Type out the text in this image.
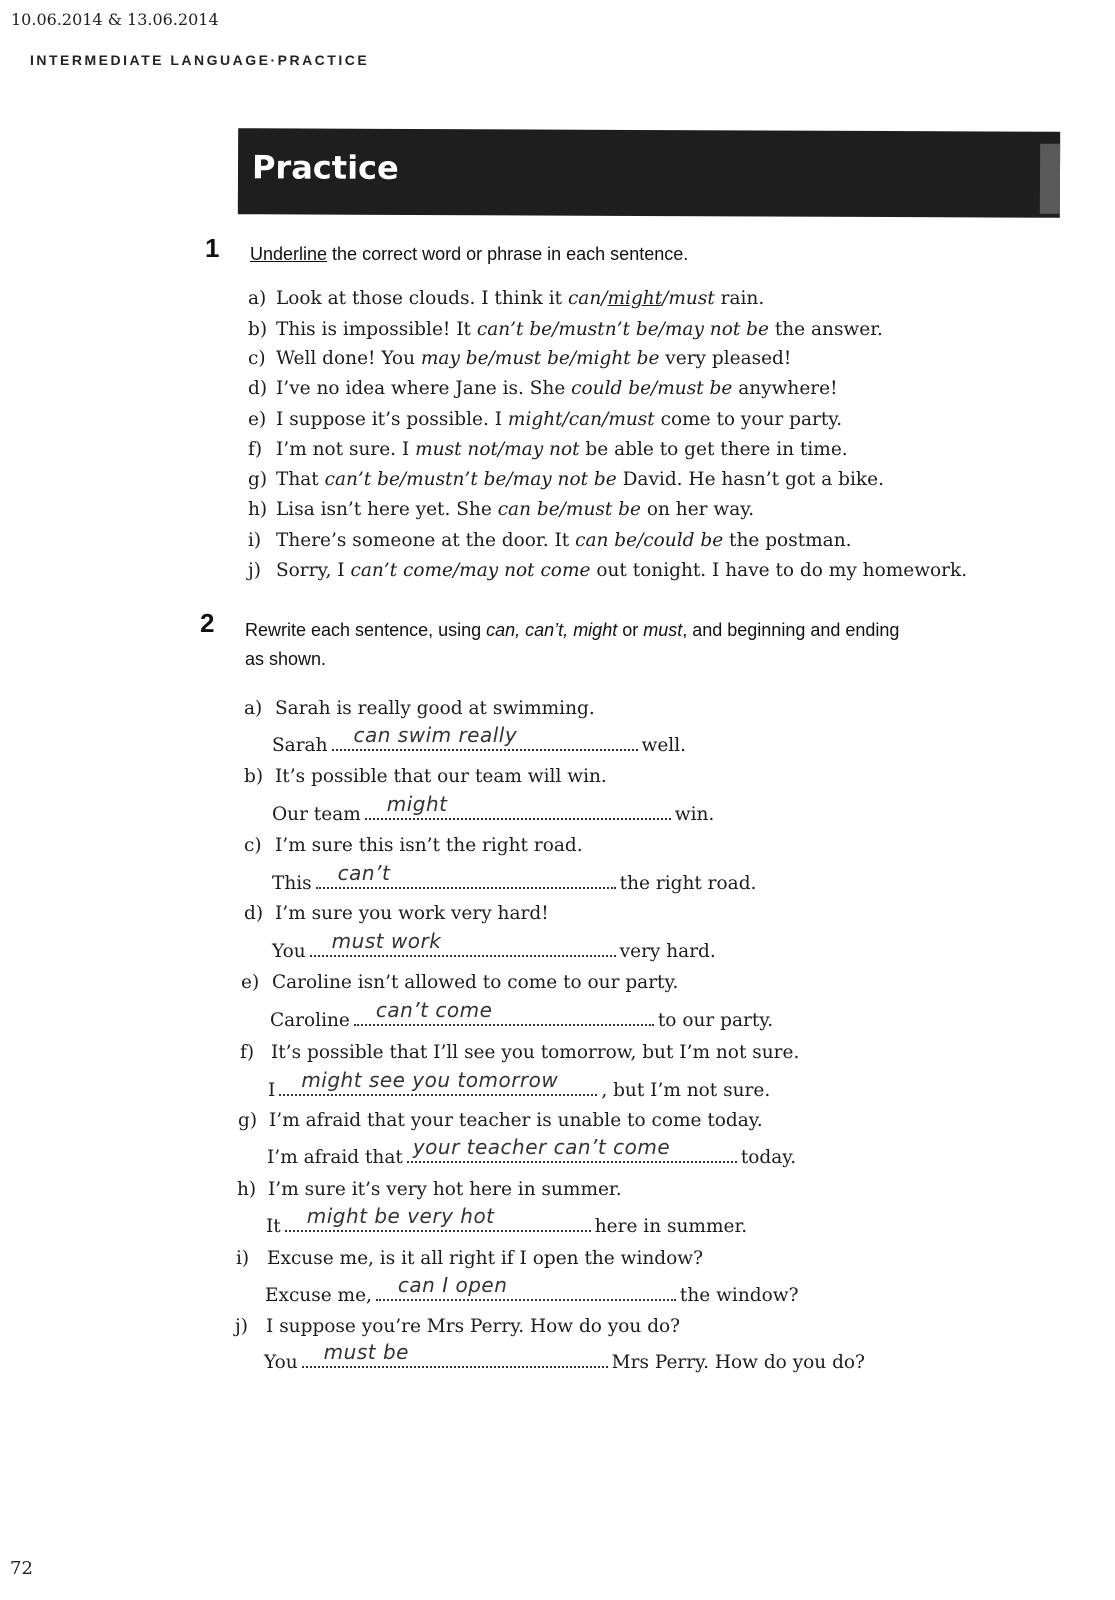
10.06.2014 & 13.06.2014
INTERMEDIATE LANGUAGE·PRACTICE
Practice
1 Underline the correct word or phrase in each sentence.
a) Look at those clouds. I think it can/might/must rain.
b) This is impossible! It can’t be/mustn’t be/may not be the answer.
c) Well done! You may be/must be/might be very pleased!
d) I’ve no idea where Jane is. She could be/must be anywhere!
e) I suppose it’s possible. I might/can/must come to your party.
f) I’m not sure. I must not/may not be able to get there in time.
g) That can’t be/mustn’t be/may not be David. He hasn’t got a bike.
h) Lisa isn’t here yet. She can be/must be on her way.
i) There’s someone at the door. It can be/could be the postman.
j) Sorry, I can’t come/may not come out tonight. I have to do my homework.
2 Rewrite each sentence, using can, can’t, might or must, and beginning and ending
as shown.
a) Sarah is really good at swimming.
Sarah can swim really	well.
b) It’s possible that our team will win.
Our team might	win.
c) I’m sure this isn’t the right road.
This can’t	the right road.
d) I’m sure you work very hard!
You must work	very hard.
e) Caroline isn’t allowed to come to our party.
Caroline can’t come	to our party.
f) It’s possible that I’ll see you tomorrow, but I’m not sure.
I might see you tomorrow , but I’m not sure.
g) I’m afraid that your teacher is unable to come today.
I’m afraid that your teacher can’t come	today.
h) I’m sure it’s very hot here in summer.
It might be very hot	here in summer.
i) Excuse me, is it all right if I open the window?
Excuse me, can I open	the window?
j) I suppose you’re Mrs Perry. How do you do?
You must be	Mrs Perry. How do you do?
72
